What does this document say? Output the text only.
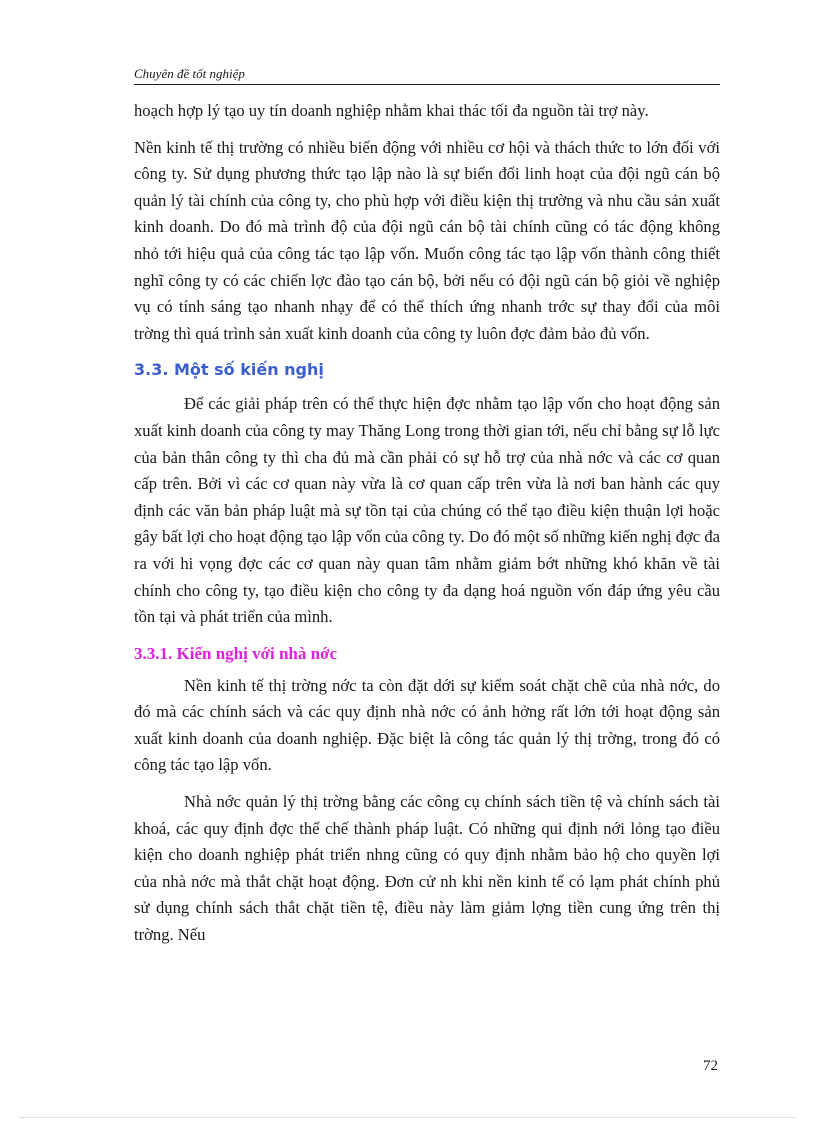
Chuyên đề tốt nghiệp

hoạch hợp lý tạo uy tín doanh nghiệp nhằm khai thác tối đa nguồn tài trợ này.

Nền kinh tế thị trường có nhiều biến động với nhiều cơ hội và thách thức to lớn đối với công ty. Sử dụng phương thức tạo lập nào là sự biến đổi linh hoạt của đội ngũ cán bộ quản lý tài chính của công ty, cho phù hợp với điều kiện thị trường và nhu cầu sản xuất kinh doanh. Do đó mà trình độ của đội ngũ cán bộ tài chính cũng có tác động không nhỏ tới hiệu quả của công tác tạo lập vốn. Muốn công tác tạo lập vốn thành công thiết nghĩ công ty có các chiến lợc đào tạo cán bộ, bởi nếu có đội ngũ cán bộ giỏi về nghiệp vụ có tính sáng tạo nhanh nhạy để có thể thích ứng nhanh trớc sự thay đổi của môi trờng thì quá trình sản xuất kinh doanh của công ty luôn đợc đảm bảo đủ vốn.

3.3. Một số kiến nghị

Để các giải pháp trên có thể thực hiện đợc nhằm tạo lập vốn cho hoạt động sản xuất kinh doanh của công ty may Thăng Long trong thời gian tới, nếu chỉ bằng sự lỗ lực của bản thân công ty thì cha đủ mà cần phải có sự hỗ trợ của nhà nớc và các cơ quan cấp trên. Bởi vì các cơ quan này vừa là cơ quan cấp trên vừa là nơi ban hành các quy định các văn bản pháp luật mà sự tồn tại của chúng có thể tạo điều kiện thuận lợi hoặc gây bất lợi cho hoạt động tạo lập vốn của công ty. Do đó một số những kiến nghị đợc đa ra với hi vọng đợc các cơ quan này quan tâm nhằm giảm bớt những khó khăn về tài chính cho công ty, tạo điều kiện cho công ty đa dạng hoá nguồn vốn đáp ứng yêu cầu tồn tại và phát triển của mình.

3.3.1. Kiến nghị với nhà nớc

Nền kinh tế thị trờng nớc ta còn đặt dới sự kiểm soát chặt chẽ của nhà nớc, do đó mà các chính sách và các quy định nhà nớc có ảnh hởng rất lớn tới hoạt động sản xuất kinh doanh của doanh nghiệp. Đặc biệt là công tác quản lý thị trờng, trong đó có công tác tạo lập vốn.

Nhà nớc quản lý thị trờng bằng các công cụ chính sách tiền tệ và chính sách tài khoá, các quy định đợc thể chế thành pháp luật. Có những qui định nới lỏng tạo điều kiện cho doanh nghiệp phát triển nhng cũng có quy định nhằm bảo hộ cho quyền lợi của nhà nớc mà thắt chặt hoạt động. Đơn cử nh khi nền kinh tế có lạm phát chính phủ sử dụng chính sách thắt chặt tiền tệ, điều này làm giảm lợng tiền cung ứng trên thị trờng. Nếu

72
